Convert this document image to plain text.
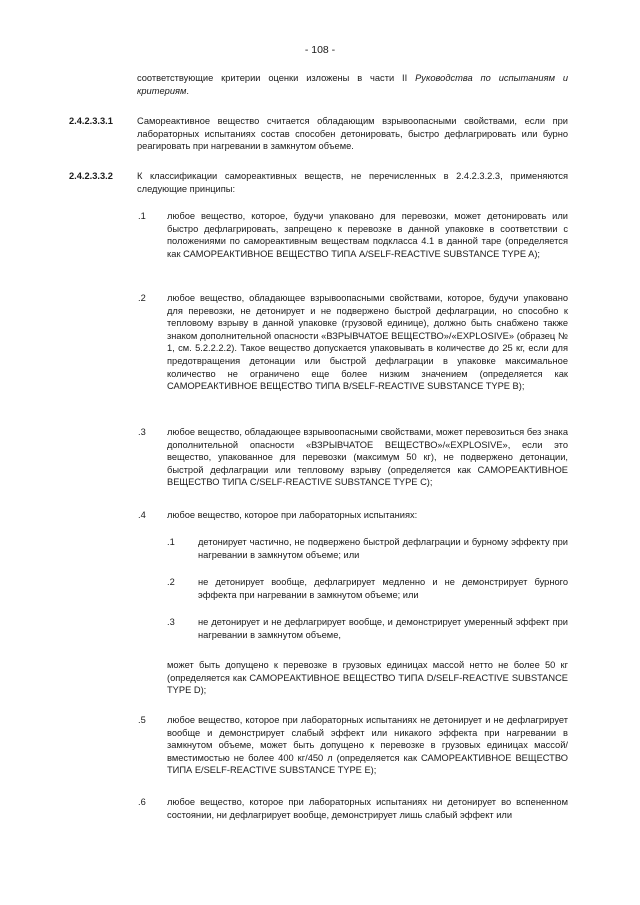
- 108 -

соответствующие критерии оценки изложены в части II Руководства по испытаниям и критериям.

2.4.2.3.3.1	Самореактивное вещество считается обладающим взрывоопасными свойствами, если при лабораторных испытаниях состав способен детонировать, быстро дефлагрировать или бурно реагировать при нагревании в замкнутом объеме.

2.4.2.3.3.2	К классификации самореактивных веществ, не перечисленных в 2.4.2.3.2.3, применяются следующие принципы:

.1 любое вещество, которое, будучи упаковано для перевозки, может детонировать или быстро дефлагрировать, запрещено к перевозке в данной упаковке в соответствии с положениями по самореактивным веществам подкласса 4.1 в данной таре (определяется как САМОРЕАКТИВНОЕ ВЕЩЕСТВО ТИПА A/SELF-REACTIVE SUBSTANCE TYPE A);

.2 любое вещество, обладающее взрывоопасными свойствами, которое, будучи упаковано для перевозки, не детонирует и не подвержено быстрой дефлаграции, но способно к тепловому взрыву в данной упаковке (грузовой единице), должно быть снабжено также знаком дополнительной опасности «ВЗРЫВЧАТОЕ ВЕЩЕСТВО»/«EXPLOSIVE» (образец № 1, см. 5.2.2.2.2). Такое вещество допускается упаковывать в количестве до 25 кг, если для предотвращения детонации или быстрой дефлаграции в упаковке максимальное количество не ограничено еще более низким значением (определяется как САМОРЕАКТИВНОЕ ВЕЩЕСТВО ТИПА B/SELF-REACTIVE SUBSTANCE TYPE B);

.3 любое вещество, обладающее взрывоопасными свойствами, может перевозиться без знака дополнительной опасности «ВЗРЫВЧАТОЕ ВЕЩЕСТВО»/«EXPLOSIVE», если это вещество, упакованное для перевозки (максимум 50 кг), не подвержено детонации, быстрой дефлаграции или тепловому взрыву (определяется как САМОРЕАКТИВНОЕ ВЕЩЕСТВО ТИПА C/SELF-REACTIVE SUBSTANCE TYPE C);

.4 любое вещество, которое при лабораторных испытаниях:

.1 детонирует частично, не подвержено быстрой дефлаграции и бурному эффекту при нагревании в замкнутом объеме; или

.2 не детонирует вообще, дефлагрирует медленно и не демонстрирует бурного эффекта при нагревании в замкнутом объеме; или

.3 не детонирует и не дефлагрирует вообще, и демонстрирует умеренный эффект при нагревании в замкнутом объеме,

может быть допущено к перевозке в грузовых единицах массой нетто не более 50 кг (определяется как САМОРЕАКТИВНОЕ ВЕЩЕСТВО ТИПА D/SELF-REACTIVE SUBSTANCE TYPE D);

.5 любое вещество, которое при лабораторных испытаниях не детонирует и не дефлагрирует вообще и демонстрирует слабый эффект или никакого эффекта при нагревании в замкнутом объеме, может быть допущено к перевозке в грузовых единицах массой/вместимостью не более 400 кг/450 л (определяется как САМОРЕАКТИВНОЕ ВЕЩЕСТВО ТИПА E/SELF-REACTIVE SUBSTANCE TYPE E);

.6 любое вещество, которое при лабораторных испытаниях ни детонирует во вспененном состоянии, ни дефлагрирует вообще, демонстрирует лишь слабый эффект или
